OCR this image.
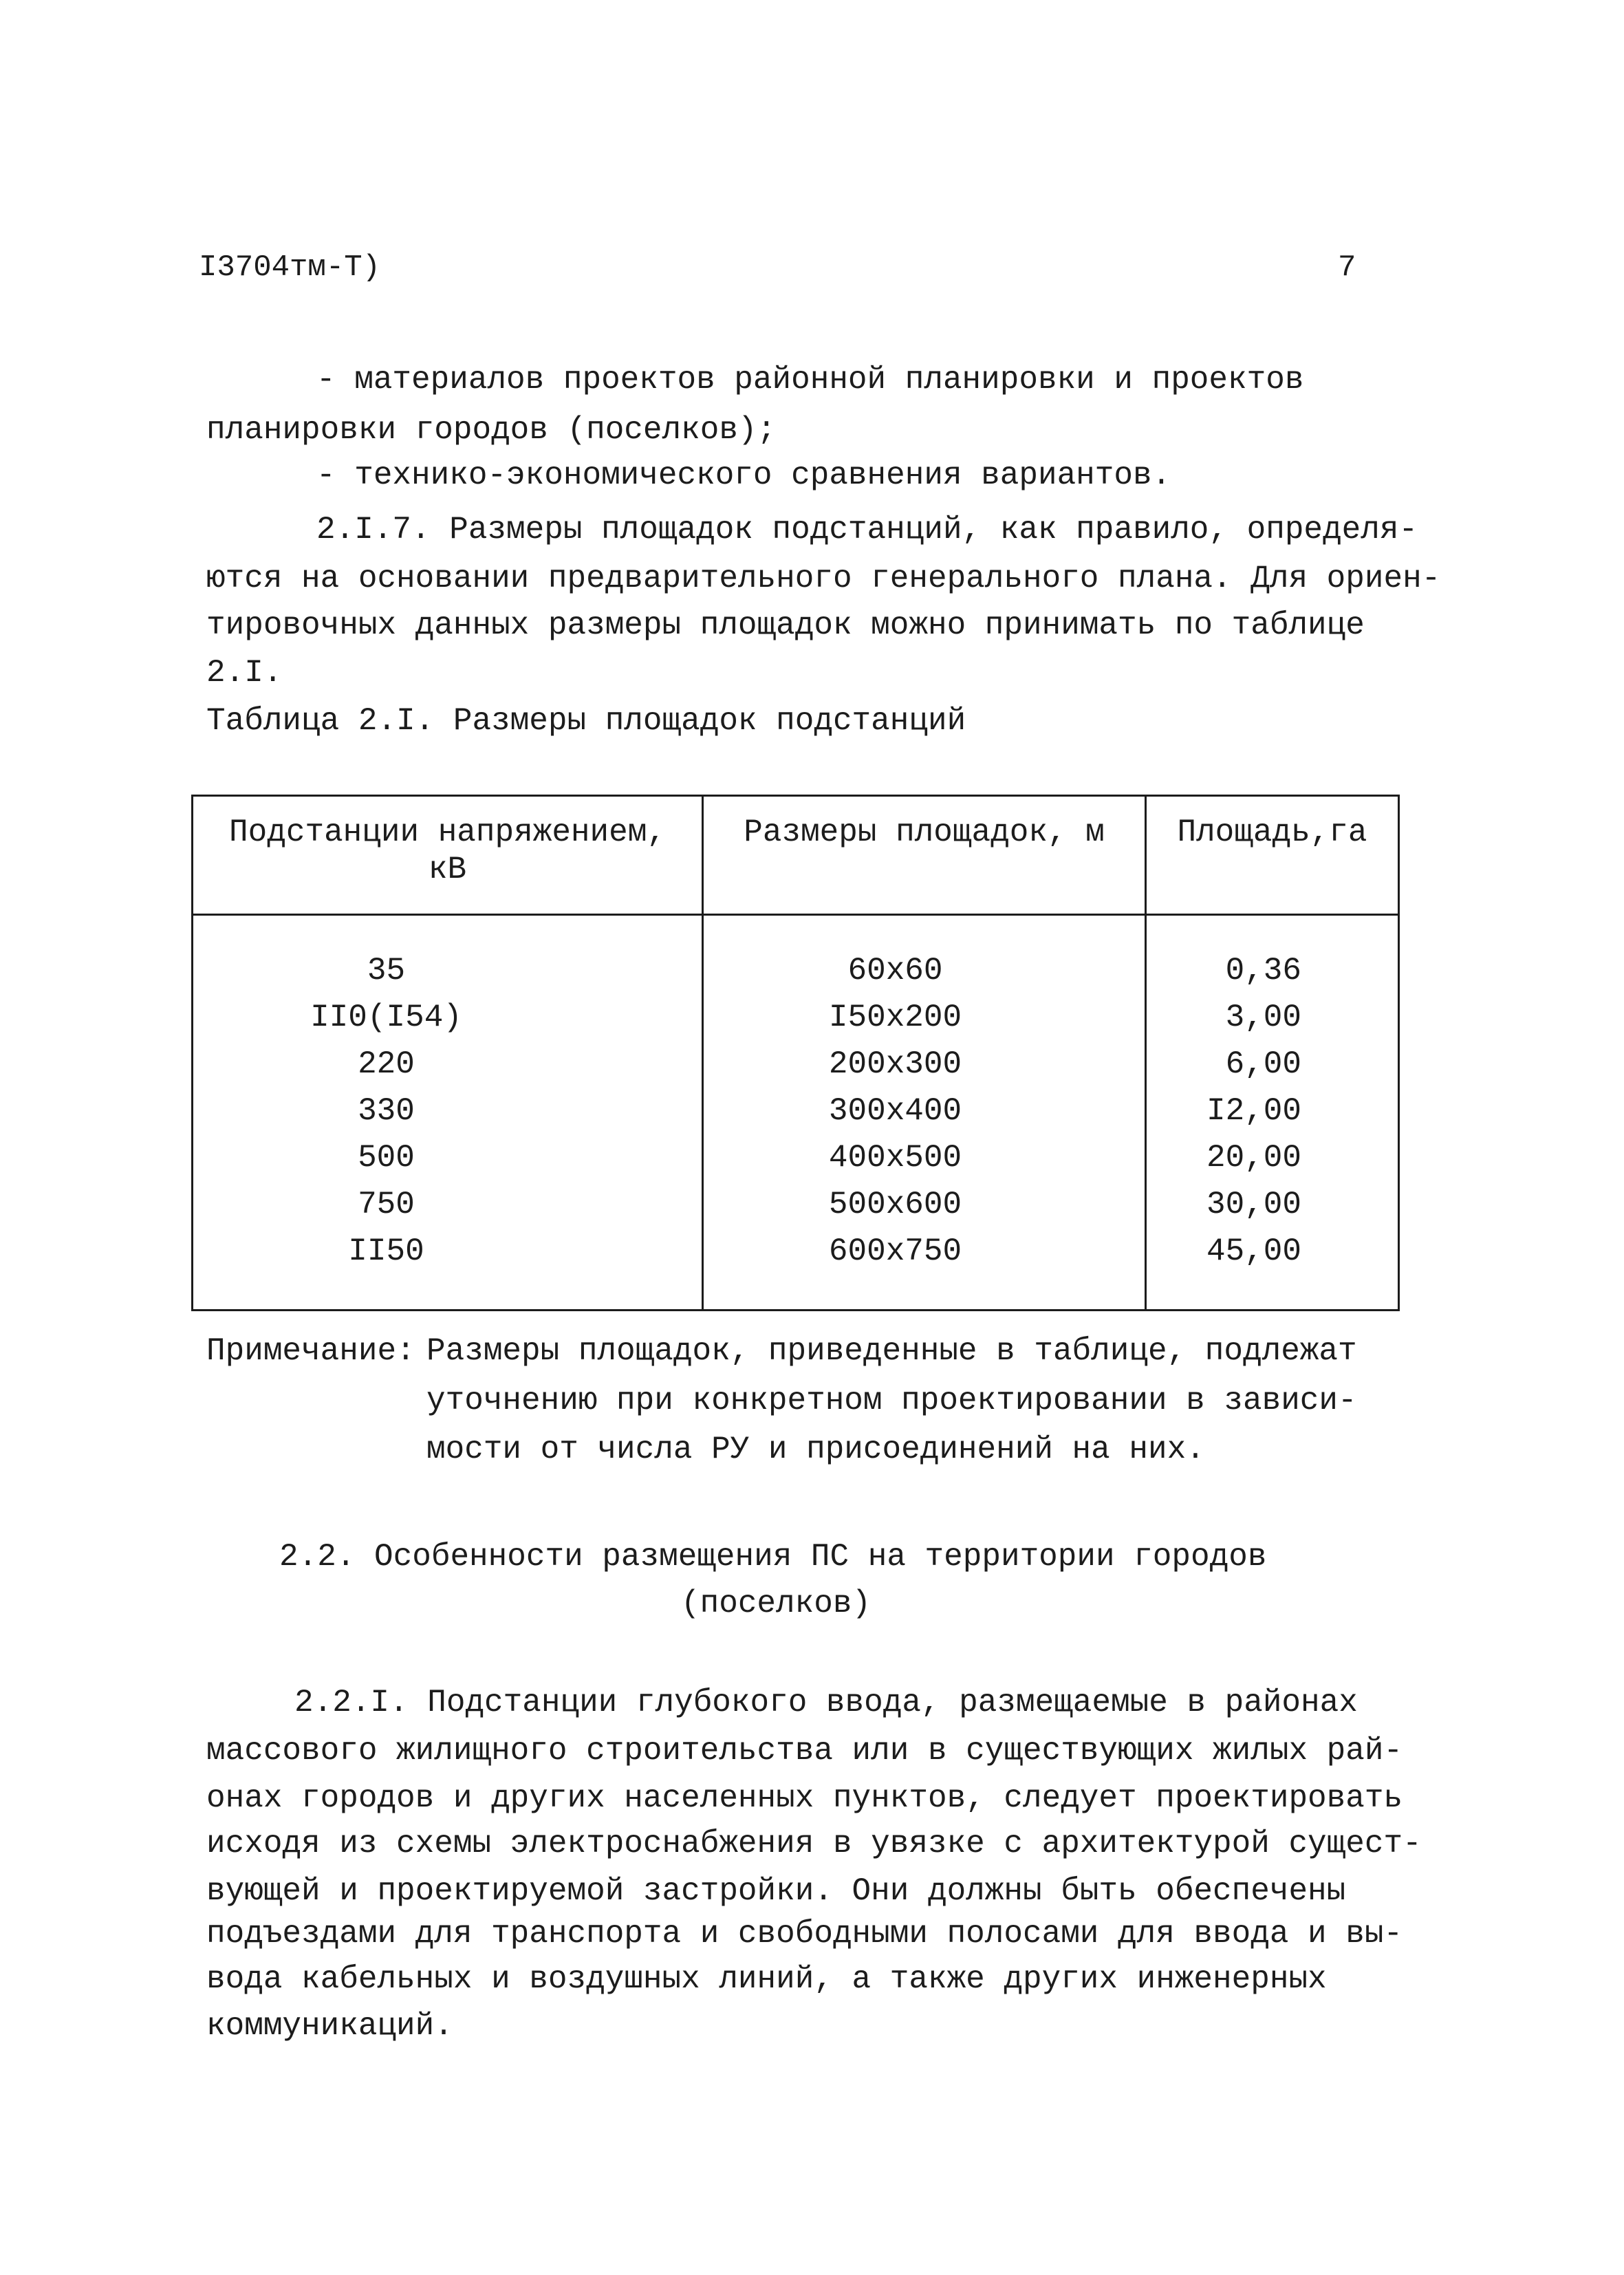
I3704тм-Т)	7
- материалов проектов районной планировки и проектов
планировки городов (поселков);
- технико-экономического сравнения вариантов.
2.I.7. Размеры площадок подстанций, как правило, определя-
ются на основании предварительного генерального плана. Для ориен-
тировочных данных размеры площадок можно принимать по таблице
2.I.
Таблица 2.I. Размеры площадок подстанций
Подстанции напряжением,
кВ	Размеры площадок, м	Площадь,га

35	60x60	0,36
II0(I54)	I50x200	3,00
220	200x300	6,00
330	300x400	I2,00
500	400x500	20,00
750	500x600	30,00
II50	600x750	45,00
Примечание: Размеры площадок, приведенные в таблице, подлежат
уточнению при конкретном проектировании в зависи-
мости от числа РУ и присоединений на них.
2.2. Особенности размещения ПС на территории городов
(поселков)
2.2.I. Подстанции глубокого ввода, размещаемые в районах
массового жилищного строительства или в существующих жилых рай-
онах городов и других населенных пунктов, следует проектировать
исходя из схемы электроснабжения в увязке с архитектурой сущест-
вующей и проектируемой застройки. Они должны быть обеспечены
подъездами для транспорта и свободными полосами для ввода и вы-
вода кабельных и воздушных линий, а также других инженерных
коммуникаций.
